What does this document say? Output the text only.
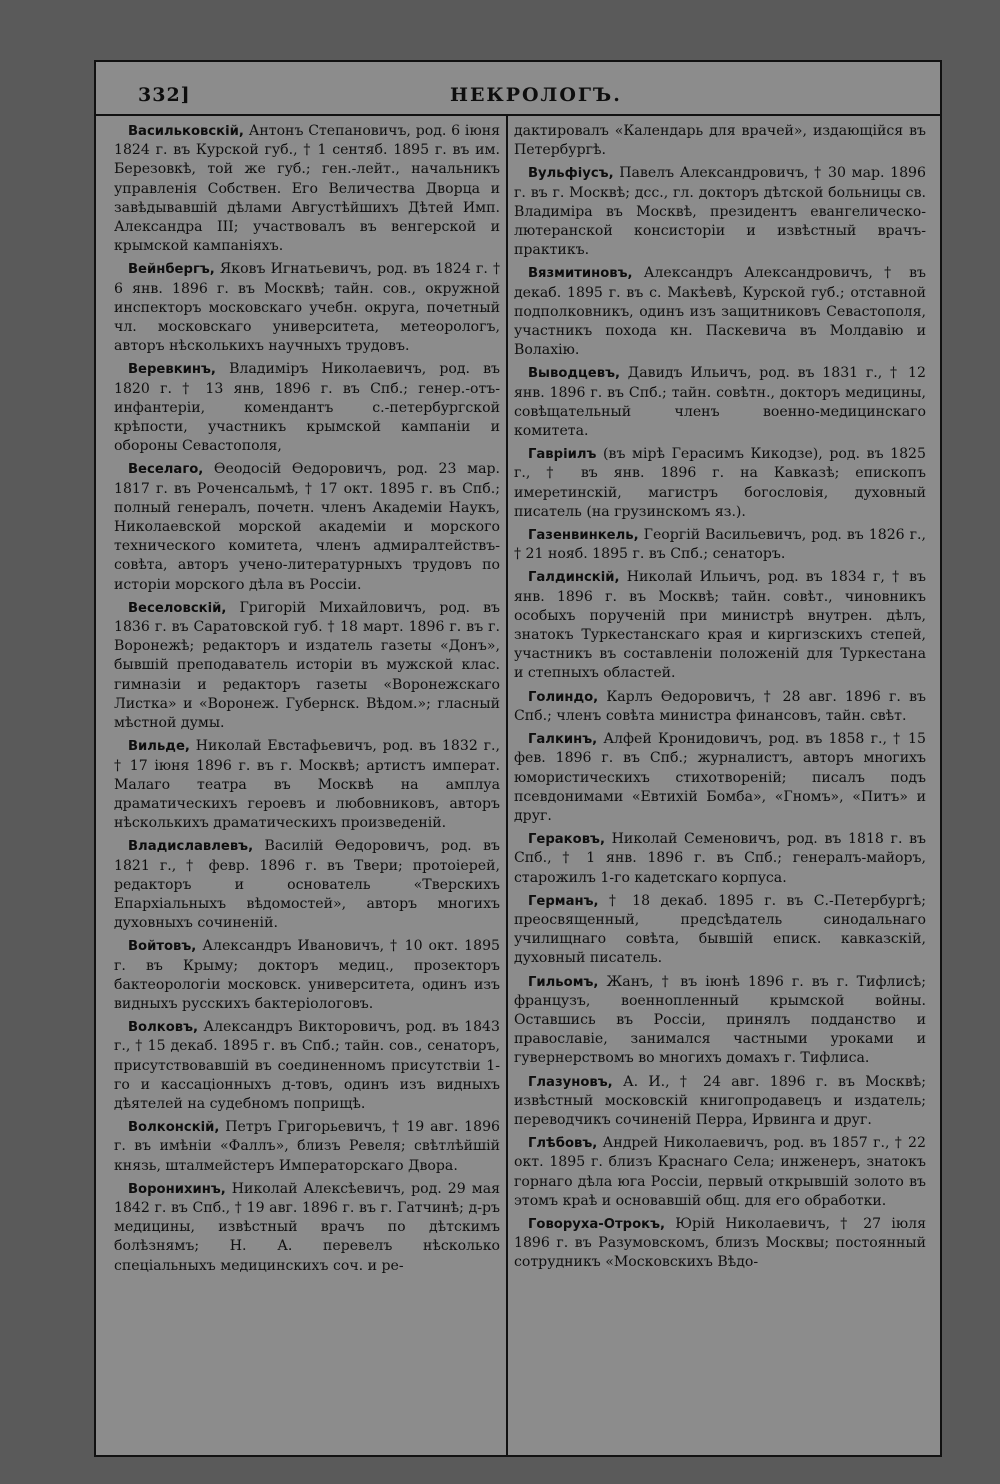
332]	НЕКРОЛОГЪ.

Васильковскій, Антонъ Степановичъ, род. 6 іюня 1824 г. въ Курской губ., † 1 сентяб. 1895 г. въ им. Березовкѣ, той же губ.; ген.-лейт., начальникъ управленія Собствен. Его Величества Дворца и завѣдывавшій дѣлами Августѣйшихъ Дѣтей Имп. Александра III; участвовалъ въ венгерской и крымской кампаніяхъ.

Вейнбергъ, Яковъ Игнатьевичъ, род. въ 1824 г. † 6 янв. 1896 г. въ Москвѣ; тайн. сов., окружной инспекторъ московскаго учебн. округа, почетный чл. московскаго университета, метеорологъ, авторъ нѣсколькихъ научныхъ трудовъ.

Веревкинъ, Владиміръ Николаевичъ, род. въ 1820 г. † 13 янв, 1896 г. въ Спб.; генер.-отъ-инфантеріи, комендантъ с.-петербургской крѣпости, участникъ крымской кампаніи и обороны Севастополя,

Веселаго, Ѳеодосій Ѳедоровичъ, род. 23 мар. 1817 г. въ Роченсальмѣ, † 17 окт. 1895 г. въ Спб.; полный генералъ, почетн. членъ Академіи Наукъ, Николаевской морской академіи и морского технического комитета, членъ адмиралтействъ-совѣта, авторъ учено-литературныхъ трудовъ по исторіи морского дѣла въ Россіи.

Веселовскій, Григорій Михайловичъ, род. въ 1836 г. въ Саратовской губ. † 18 март. 1896 г. въ г. Воронежѣ; редакторъ и издатель газеты «Донъ», бывшій преподаватель исторіи въ мужской клас. гимназіи и редакторъ газеты «Воронежскаго Листка» и «Воронеж. Губернск. Вѣдом.»; гласный мѣстной думы.

Вильде, Николай Евстафьевичъ, род. въ 1832 г., † 17 іюня 1896 г. въ г. Москвѣ; артистъ императ. Малаго театра въ Москвѣ на амплуа драматическихъ героевъ и любовниковъ, авторъ нѣсколькихъ драматическихъ произведеній.

Владиславлевъ, Василій Ѳедоровичъ, род. въ 1821 г., † февр. 1896 г. въ Твери; протоіерей, редакторъ и основатель «Тверскихъ Епархіальныхъ вѣдомостей», авторъ многихъ духовныхъ сочиненій.

Войтовъ, Александръ Ивановичъ, † 10 окт. 1895 г. въ Крыму; докторъ медиц., прозекторъ бактеорологіи московск. университета, одинъ изъ видныхъ русскихъ бактеріологовъ.

Волковъ, Александръ Викторовичъ, род. въ 1843 г., † 15 декаб. 1895 г. въ Спб.; тайн. сов., сенаторъ, присутствовавшій въ соединенномъ присутствіи 1-го и кассаціонныхъ д-товъ, одинъ изъ видныхъ дѣятелей на судебномъ поприщѣ.

Волконскій, Петръ Григорьевичъ, † 19 авг. 1896 г. въ имѣніи «Фаллъ», близъ Ревеля; свѣтлѣйшій князь, шталмейстеръ Императорскаго Двора.

Воронихинъ, Николай Алексѣевичъ, род. 29 мая 1842 г. въ Спб., † 19 авг. 1896 г. въ г. Гатчинѣ; д-ръ медицины, извѣстный врачъ по дѣтскимъ болѣзнямъ; Н. А. перевелъ нѣсколько спеціальныхъ медицинскихъ соч. и ре-

дактировалъ «Календарь для врачей», издающійся въ Петербургѣ.

Вульфіусъ, Павелъ Александровичъ, † 30 мар. 1896 г. въ г. Москвѣ; дсс., гл. докторъ дѣтской больницы св. Владиміра въ Москвѣ, президентъ евангелическо-лютеранской консисторіи и извѣстный врачъ-практикъ.

Вязмитиновъ, Александръ Александровичъ, † въ декаб. 1895 г. въ с. Макѣевѣ, Курской губ.; отставной подполковникъ, одинъ изъ защитниковъ Севастополя, участникъ похода кн. Паскевича въ Молдавію и Волахію.

Выводцевъ, Давидъ Ильичъ, род. въ 1831 г., † 12 янв. 1896 г. въ Спб.; тайн. совѣтн., докторъ медицины, совѣщательный членъ военно-медицинскаго комитета.

Гавріилъ (въ мірѣ Герасимъ Кикодзе), род. въ 1825 г., † въ янв. 1896 г. на Кавказѣ; епископъ имеретинскій, магистръ богословія, духовный писатель (на грузинскомъ яз.).

Газенвинкель, Георгій Васильевичъ, род. въ 1826 г., † 21 нояб. 1895 г. въ Спб.; сенаторъ.

Галдинскій, Николай Ильичъ, род. въ 1834 г, † въ янв. 1896 г. въ Москвѣ; тайн. совѣт., чиновникъ особыхъ порученій при министрѣ внутрен. дѣлъ, знатокъ Туркестанскаго края и киргизскихъ степей, участникъ въ составленіи положеній для Туркестана и степныхъ областей.

Голиндо, Карлъ Ѳедоровичъ, † 28 авг. 1896 г. въ Спб.; членъ совѣта министра финансовъ, тайн. свѣт.

Галкинъ, Алфей Кронидовичъ, род. въ 1858 г., † 15 фев. 1896 г. въ Спб.; журналистъ, авторъ многихъ юмористическихъ стихотвореній; писалъ подъ псевдонимами «Евтихій Бомба», «Гномъ», «Питъ» и друг.

Гераковъ, Николай Семеновичъ, род. въ 1818 г. въ Спб., † 1 янв. 1896 г. въ Спб.; генералъ-майоръ, старожилъ 1-го кадетскаго корпуса.

Германъ, † 18 декаб. 1895 г. въ С.-Петербургѣ; преосвященный, предсѣдатель синодальнаго училищнаго совѣта, бывшій еписк. кавказскій, духовный писатель.

Гильомъ, Жанъ, † въ іюнѣ 1896 г. въ г. Тифлисѣ; французъ, военнопленный крымской войны. Оставшись въ Россіи, принялъ подданство и православіе, занимался частными уроками и гувернерствомъ во многихъ домахъ г. Тифлиса.

Глазуновъ, А. И., † 24 авг. 1896 г. въ Москвѣ; извѣстный московскій книгопродавецъ и издатель; переводчикъ сочиненій Перра, Ирвинга и друг.

Глѣбовъ, Андрей Николаевичъ, род. въ 1857 г., † 22 окт. 1895 г. близъ Краснаго Села; инженеръ, знатокъ горнаго дѣла юга Россіи, первый открывшій золото въ этомъ краѣ и основавшій общ. для его обработки.

Говоруха-Отрокъ, Юрій Николаевичъ, † 27 іюля 1896 г. въ Разумовскомъ, близъ Москвы; постоянный сотрудникъ «Московскихъ Вѣдо-
